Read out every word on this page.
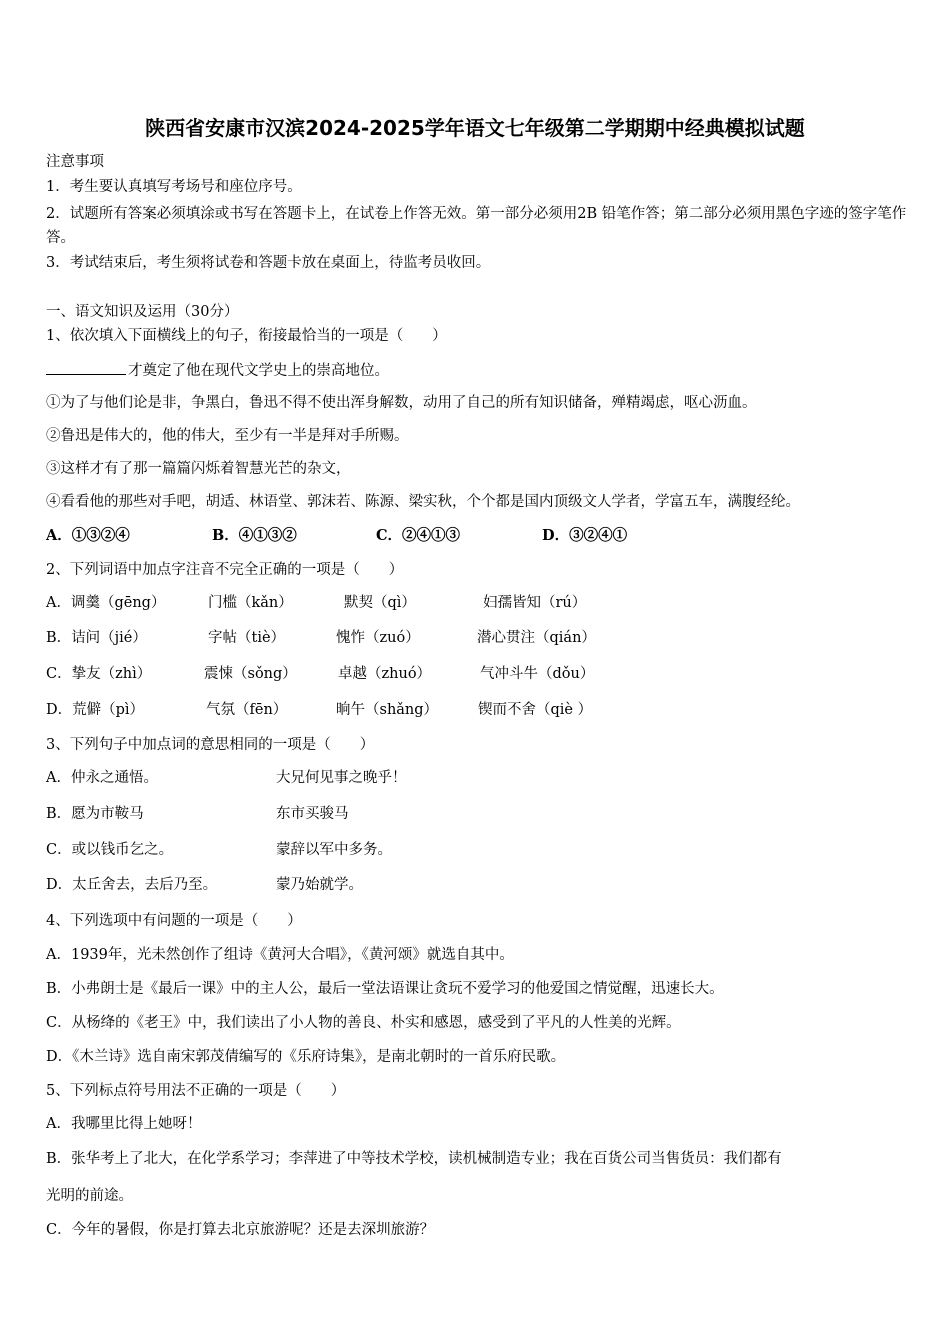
陕西省安康市汉滨2024-2025学年语文七年级第二学期期中经典模拟试题
注意事项
1．考生要认真填写考场号和座位序号。
2．试题所有答案必须填涂或书写在答题卡上，在试卷上作答无效。第一部分必须用2B 铅笔作答；第二部分必须用黑色字迹的签字笔作答。
3．考试结束后，考生须将试卷和答题卡放在桌面上，待监考员收回。
一、语文知识及运用（30分）
1、依次填入下面横线上的句子，衔接最恰当的一项是（　　）
才奠定了他在现代文学史上的崇高地位。
①为了与他们论是非，争黑白，鲁迅不得不使出浑身解数，动用了自己的所有知识储备，殚精竭虑，呕心沥血。
②鲁迅是伟大的，他的伟大，至少有一半是拜对手所赐。
③这样才有了那一篇篇闪烁着智慧光芒的杂文，
④看看他的那些对手吧，胡适、林语堂、郭沫若、陈源、梁实秋，个个都是国内顶级文人学者，学富五车，满腹经纶。
A．①③②④	B．④①③②	C．②④①③	D．③②④①
2、下列词语中加点字注音不完全正确的一项是（　　）
A．调羹（gēng）	门槛（kǎn）	默契（qì）	妇孺皆知（rú）
B．诘问（jié）	字帖（tiè）	愧怍（zuó）	潜心贯注（qián）
C．挚友（zhì）	震悚（sǒng）	卓越（zhuó）	气冲斗牛（dǒu）
D．荒僻（pì）	气氛（fēn）	晌午（shǎng）	锲而不舍（qiè ）
3、下列句子中加点词的意思相同的一项是（　　）
A．仲永之通悟。	大兄何见事之晚乎！
B．愿为市鞍马	东市买骏马
C．或以钱币乞之。	蒙辞以军中多务。
D．太丘舍去，去后乃至。	蒙乃始就学。
4、下列选项中有问题的一项是（　　）
A．1939年，光未然创作了组诗《黄河大合唱》，《黄河颂》就选自其中。
B．小弗朗士是《最后一课》中的主人公，最后一堂法语课让贪玩不爱学习的他爱国之情觉醒，迅速长大。
C．从杨绛的《老王》中，我们读出了小人物的善良、朴实和感恩，感受到了平凡的人性美的光辉。
D．《木兰诗》选自南宋郭茂倩编写的《乐府诗集》，是南北朝时的一首乐府民歌。
5、下列标点符号用法不正确的一项是（　　）
A．我哪里比得上她呀！
B．张华考上了北大，在化学系学习；李萍进了中等技术学校，读机械制造专业；我在百货公司当售货员：我们都有
光明的前途。
C．今年的暑假，你是打算去北京旅游呢？还是去深圳旅游？
